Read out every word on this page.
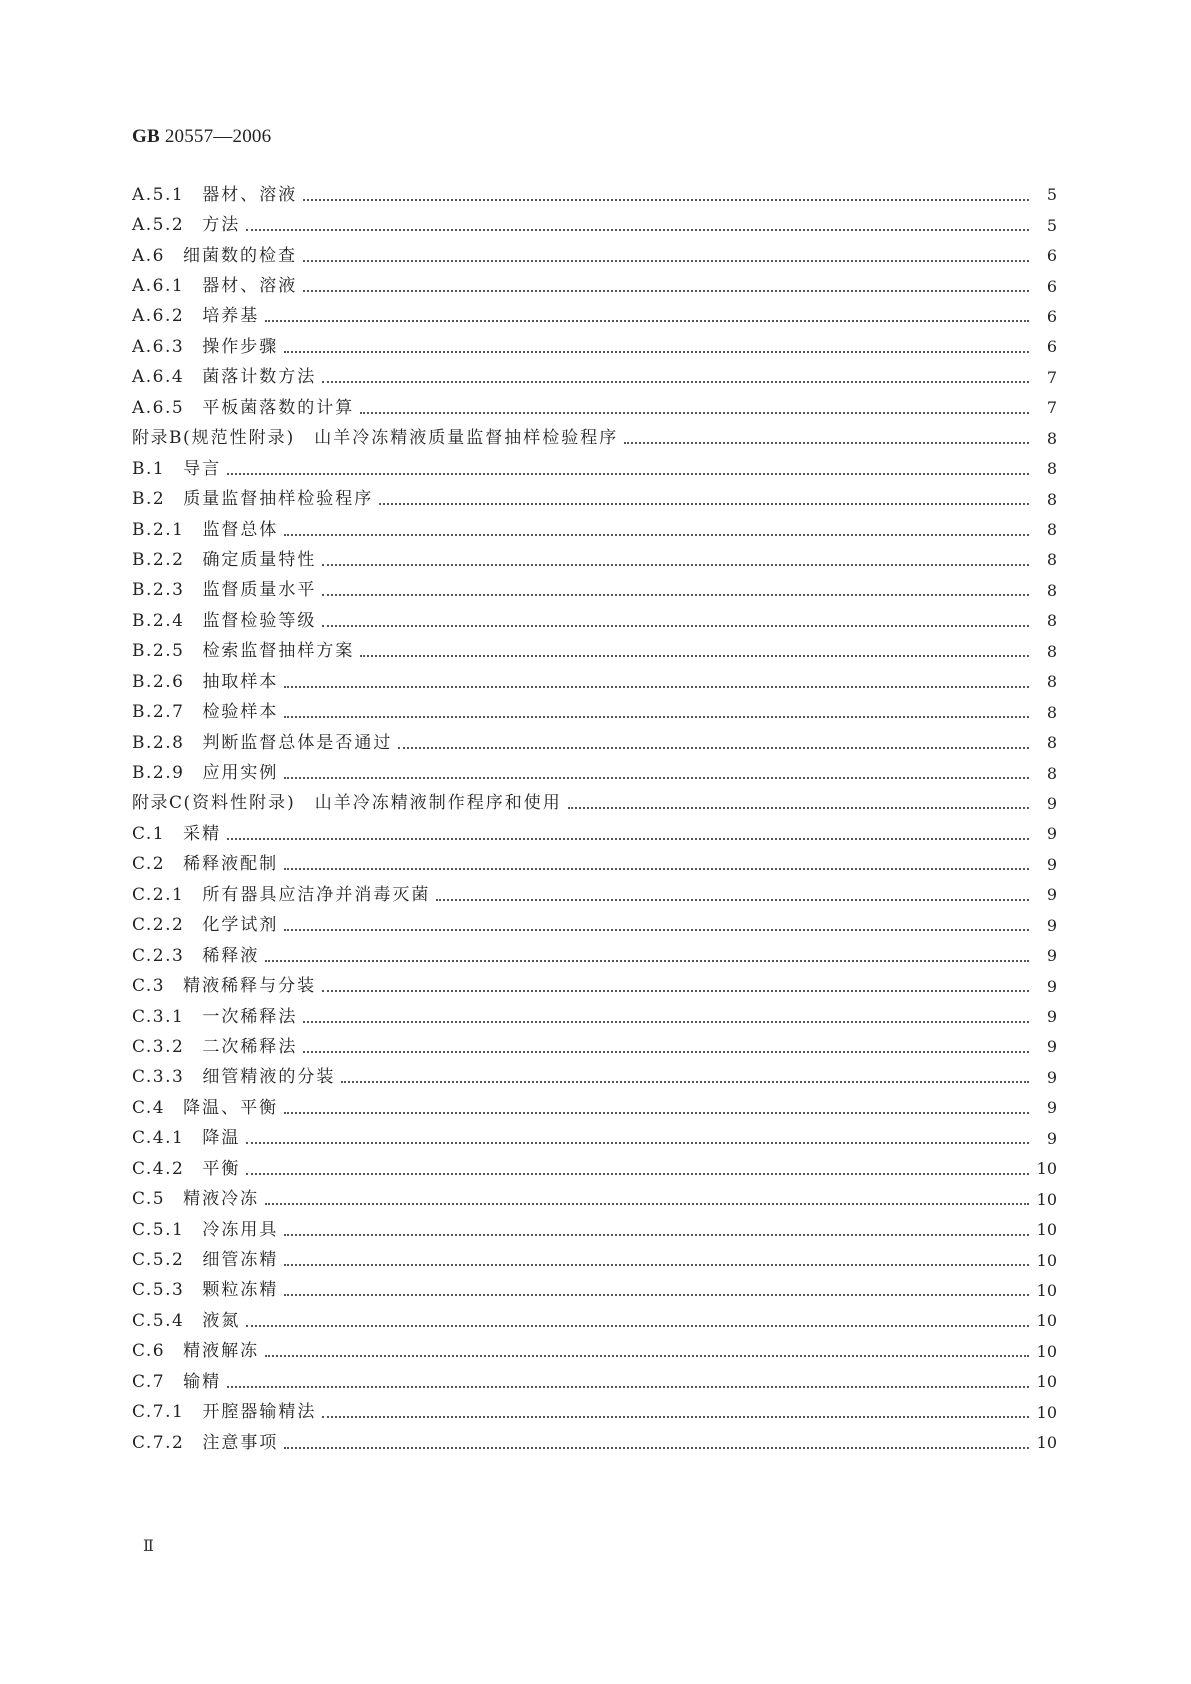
GB 20557—2006
A.5.1 器材、溶液	5
A.5.2 方法	5
A.6 细菌数的检查	6
A.6.1 器材、溶液	6
A.6.2 培养基	6
A.6.3 操作步骤	6
A.6.4 菌落计数方法	7
A.6.5 平板菌落数的计算	7
附录B (规范性附录)　山羊冷冻精液质量监督抽样检验程序	8
B.1 导言	8
B.2 质量监督抽样检验程序	8
B.2.1 监督总体	8
B.2.2 确定质量特性	8
B.2.3 监督质量水平	8
B.2.4 监督检验等级	8
B.2.5 检索监督抽样方案	8
B.2.6 抽取样本	8
B.2.7 检验样本	8
B.2.8 判断监督总体是否通过	8
B.2.9 应用实例	8
附录C (资料性附录)　山羊冷冻精液制作程序和使用	9
C.1 采精	9
C.2 稀释液配制	9
C.2.1 所有器具应洁净并消毒灭菌	9
C.2.2 化学试剂	9
C.2.3 稀释液	9
C.3 精液稀释与分装	9
C.3.1 一次稀释法	9
C.3.2 二次稀释法	9
C.3.3 细管精液的分装	9
C.4 降温、平衡	9
C.4.1 降温	9
C.4.2 平衡	10
C.5 精液冷冻	10
C.5.1 冷冻用具	10
C.5.2 细管冻精	10
C.5.3 颗粒冻精	10
C.5.4 液氮	10
C.6 精液解冻	10
C.7 输精	10
C.7.1 开膣器输精法	10
C.7.2 注意事项	10
Ⅱ
